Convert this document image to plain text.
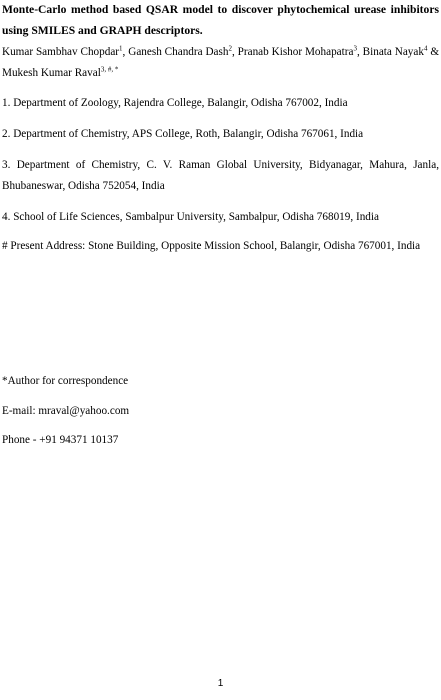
Monte-Carlo method based QSAR model to discover phytochemical urease inhibitors using SMILES and GRAPH descriptors.
Kumar Sambhav Chopdar$^1$, Ganesh Chandra Dash$^2$, Pranab Kishor Mohapatra$^3$, Binata Nayak$^4$ & Mukesh Kumar Raval$^{3, \#, *}$
1. Department of Zoology, Rajendra College, Balangir, Odisha 767002, India
2. Department of Chemistry, APS College, Roth, Balangir, Odisha 767061, India
3. Department of Chemistry, C. V. Raman Global University, Bidyanagar, Mahura, Janla, Bhubaneswar, Odisha 752054, India
4. School of Life Sciences, Sambalpur University, Sambalpur, Odisha 768019, India
# Present Address: Stone Building, Opposite Mission School, Balangir, Odisha 767001, India
*Author for correspondence
E-mail: mraval@yahoo.com
Phone - +91 94371 10137
1
